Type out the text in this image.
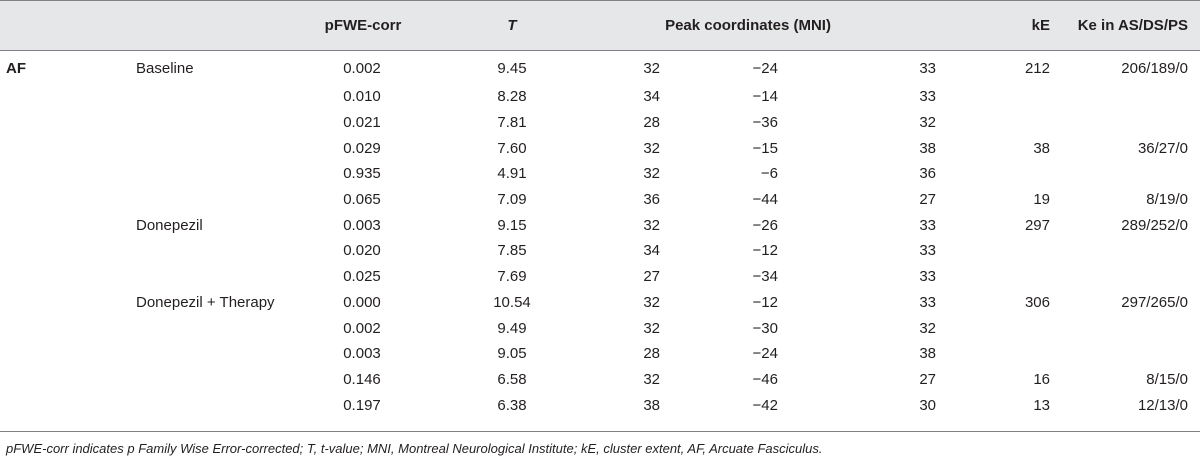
		pFWE-corr	T	Peak coordinates (MNI)			kE	Ke in AS/DS/PS
AF	Baseline	0.002	9.45	32	−24	33	212	206/189/0
		0.010	8.28	34	−14	33		
		0.021	7.81	28	−36	32		
		0.029	7.60	32	−15	38	38	36/27/0
		0.935	4.91	32	−6	36		
		0.065	7.09	36	−44	27	19	8/19/0
	Donepezil	0.003	9.15	32	−26	33	297	289/252/0
		0.020	7.85	34	−12	33		
		0.025	7.69	27	−34	33		
	Donepezil + Therapy	0.000	10.54	32	−12	33	306	297/265/0
		0.002	9.49	32	−30	32		
		0.003	9.05	28	−24	38		
		0.146	6.58	32	−46	27	16	8/15/0
		0.197	6.38	38	−42	30	13	12/13/0
pFWE-corr indicates p Family Wise Error-corrected; T, t-value; MNI, Montreal Neurological Institute; kE, cluster extent, AF, Arcuate Fasciculus.
